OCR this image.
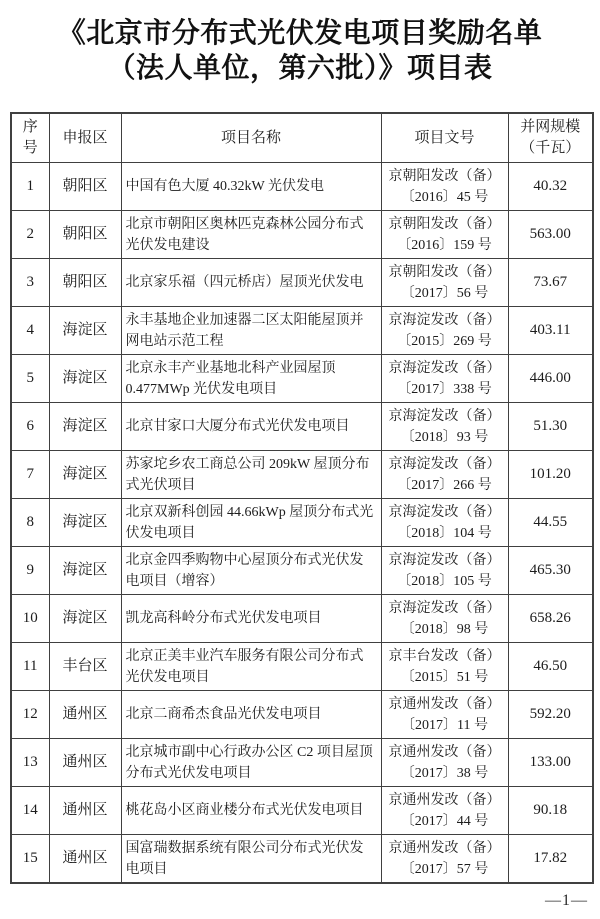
《北京市分布式光伏发电项目奖励名单
（法人单位，第六批）》项目表
序号	申报区	项目名称	项目文号	并网规模（千瓦）
1	朝阳区	中国有色大厦 40.32kW 光伏发电	京朝阳发改（备）
〔2016〕45 号	40.32
2	朝阳区	北京市朝阳区奥林匹克森林公园分布式光伏发电建设	京朝阳发改（备）
〔2016〕159 号	563.00
3	朝阳区	北京家乐福（四元桥店）屋顶光伏发电	京朝阳发改（备）
〔2017〕56 号	73.67
4	海淀区	永丰基地企业加速器二区太阳能屋顶并网电站示范工程	京海淀发改（备）
〔2015〕269 号	403.11
5	海淀区	北京永丰产业基地北科产业园屋顶 0.477MWp 光伏发电项目	京海淀发改（备）
〔2017〕338 号	446.00
6	海淀区	北京甘家口大厦分布式光伏发电项目	京海淀发改（备）
〔2018〕93 号	51.30
7	海淀区	苏家坨乡农工商总公司 209kW 屋顶分布式光伏项目	京海淀发改（备）
〔2017〕266 号	101.20
8	海淀区	北京双新科创园 44.66kWp 屋顶分布式光伏发电项目	京海淀发改（备）
〔2018〕104 号	44.55
9	海淀区	北京金四季购物中心屋顶分布式光伏发电项目（增容）	京海淀发改（备）
〔2018〕105 号	465.30
10	海淀区	凯龙高科岭分布式光伏发电项目	京海淀发改（备）
〔2018〕98 号	658.26
11	丰台区	北京正美丰业汽车服务有限公司分布式光伏发电项目	京丰台发改（备）
〔2015〕51 号	46.50
12	通州区	北京二商希杰食品光伏发电项目	京通州发改（备）
〔2017〕11 号	592.20
13	通州区	北京城市副中心行政办公区 C2 项目屋顶分布式光伏发电项目	京通州发改（备）
〔2017〕38 号	133.00
14	通州区	桃花岛小区商业楼分布式光伏发电项目	京通州发改（备）
〔2017〕44 号	90.18
15	通州区	国富瑞数据系统有限公司分布式光伏发电项目	京通州发改（备）
〔2017〕57 号	17.82
—1—
